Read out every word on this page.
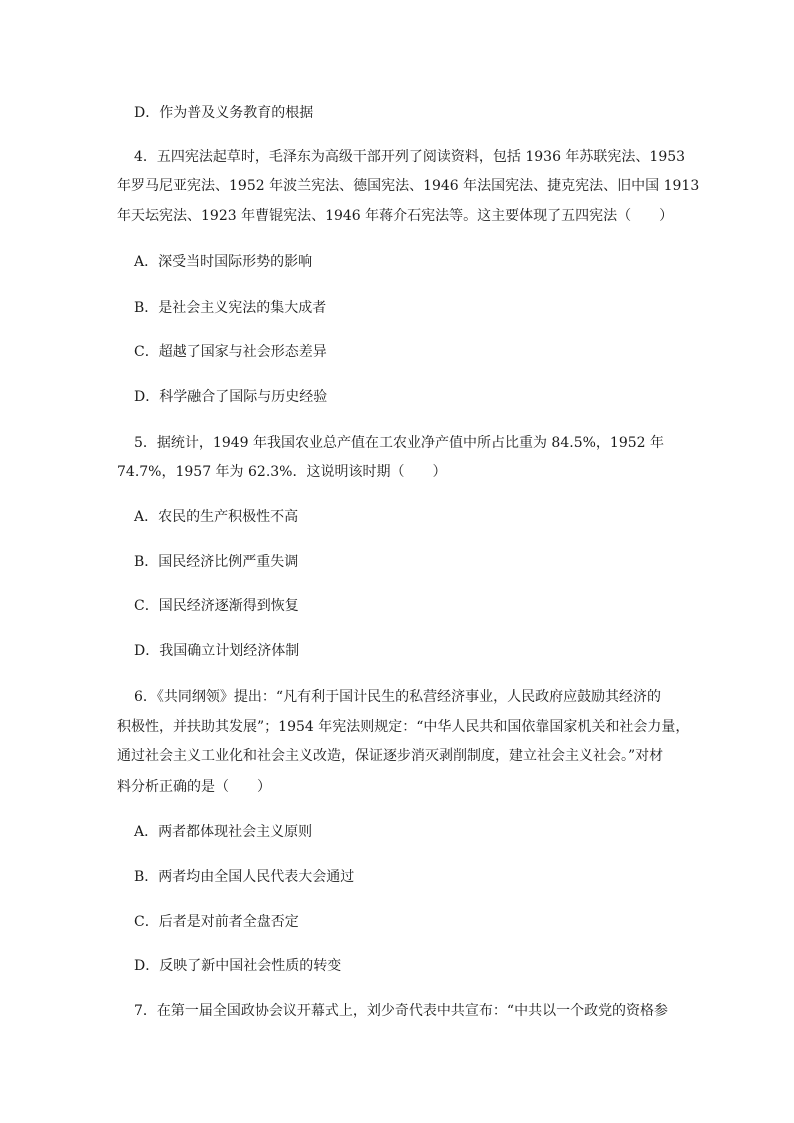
D．作为普及义务教育的根据
4．五四宪法起草时，毛泽东为高级干部开列了阅读资料，包括 1936 年苏联宪法、1953
年罗马尼亚宪法、1952 年波兰宪法、德国宪法、1946 年法国宪法、捷克宪法、旧中国 1913
年天坛宪法、1923 年曹锟宪法、1946 年蒋介石宪法等。这主要体现了五四宪法（　　）
A．深受当时国际形势的影响
B．是社会主义宪法的集大成者
C．超越了国家与社会形态差异
D．科学融合了国际与历史经验
5．据统计，1949 年我国农业总产值在工农业净产值中所占比重为 84.5%，1952 年
74.7%，1957 年为 62.3%．这说明该时期（　　）
A．农民的生产积极性不高
B．国民经济比例严重失调
C．国民经济逐渐得到恢复
D．我国确立计划经济体制
6．《共同纲领》提出：“凡有利于国计民生的私营经济事业，人民政府应鼓励其经济的
积极性，并扶助其发展”；1954 年宪法则规定：“中华人民共和国依靠国家机关和社会力量，
通过社会主义工业化和社会主义改造，保证逐步消灭剥削制度，建立社会主义社会。”对材
料分析正确的是（　　）
A．两者都体现社会主义原则
B．两者均由全国人民代表大会通过
C．后者是对前者全盘否定
D．反映了新中国社会性质的转变
7．在第一届全国政协会议开幕式上，刘少奇代表中共宣布：“中共以一个政党的资格参
